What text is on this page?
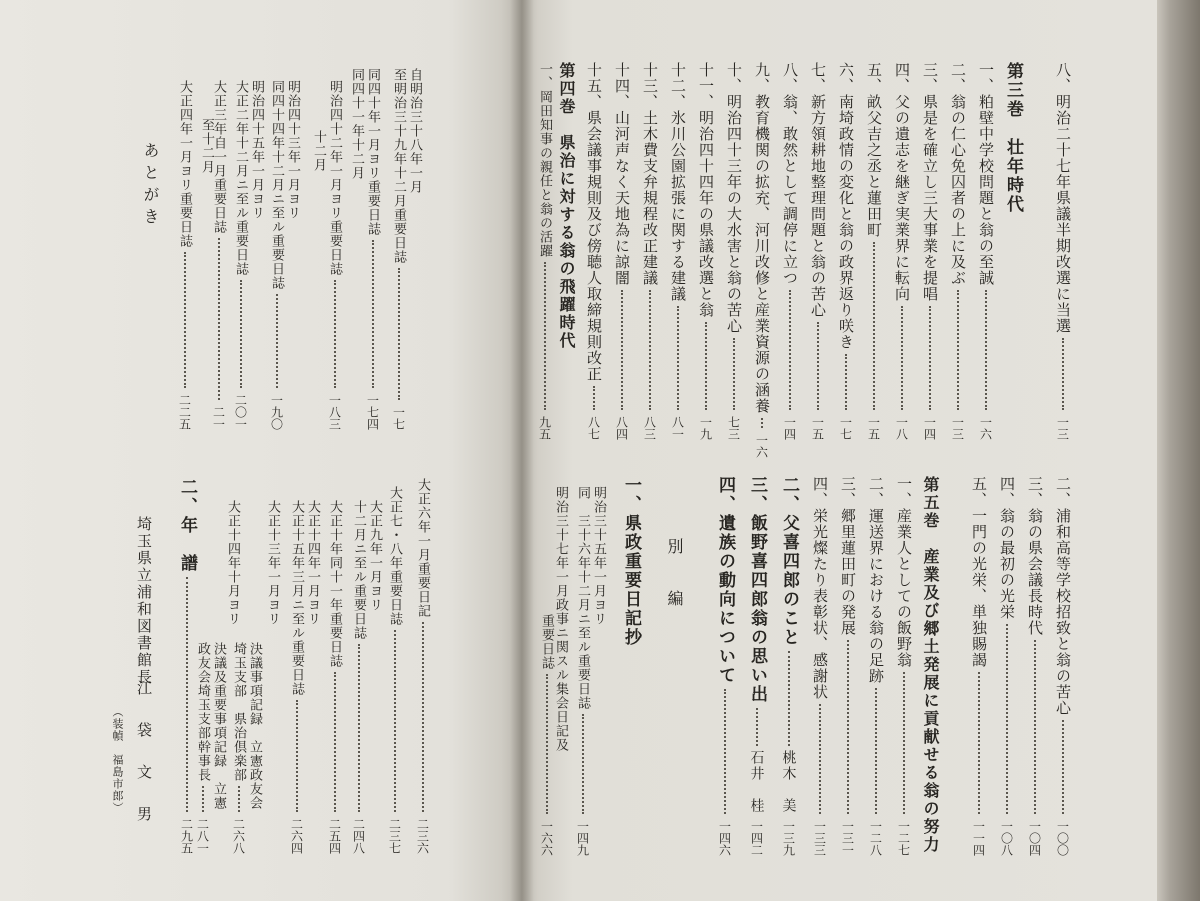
八、明治二十七年県議半期改選に当選
一三
第三巻　壮年時代
一、粕壁中学校問題と翁の至誠
一六
二、翁の仁心免囚者の上に及ぶ
一三
三、県是を確立し三大事業を提唱
一四
四、父の遺志を継ぎ実業界に転向
一八
五、畝父吉之丞と蓮田町
一五
六、南埼政情の変化と翁の政界返り咲き
一七
七、新方領耕地整理問題と翁の苦心
一五
八、翁、敢然として調停に立つ
一四
九、教育機関の拡充、河川改修と産業資源の涵養
一六
十、明治四十三年の大水害と翁の苦心
七三
十一、明治四十四年の県議改選と翁
一九
十二、氷川公園拡張に関する建議
八一
十三、土木費支弁規程改正建議
八三
十四、山河声なく天地為に諒闇
八四
十五、県会議事規則及び傍聴人取締規則改正
八七
第四巻　県治に対する翁の飛躍時代
一、岡田知事の親任と翁の活躍
九五
自明治三十八年一月
至明治三十九年十二月重要日誌
一七
同四十年一月ヨリ重要日誌
一七四
同四十一年十二月
明治四十二年一月ヨリ重要日誌
一八三
十二月
明治四十三年一月ヨリ
同四十四年十二月ニ至ル重要日誌
一九〇
明治四十五年一月ヨリ
大正二年十二月ニ至ル重要日誌
二〇一
大正三年自一月重要日誌
二一
至十二月
大正四年一月ヨリ重要日誌
二二五
あとがき
二、浦和高等学校招致と翁の苦心
一〇〇
三、翁の県会議長時代
一〇四
四、翁の最初の光栄
一〇八
五、一門の光栄、単独賜謁
一一四
第五巻　産業及び郷土発展に貢献せる翁の努力
一、産業人としての飯野翁
一二七
二、運送界における翁の足跡
一二八
三、郷里蓮田町の発展
一三一
四、栄光燦たり表彰状、感謝状
一三三
二、父喜四郎のこと
桃木　美
一三九
三、飯野喜四郎翁の思い出
石井　桂
一四二
四、遺族の動向について
一四六
別　編
一、県政重要日記抄
明治三十五年一月ヨリ
同　三十六年十二月ニ至ル重要日誌
一四九
明治三十七年一月政事ニ関スル集会日記及
重要日誌
一六六
大正六年一月重要日記
二三六
大正七・八年重要日誌
二三七
大正九年一月ヨリ
十二月ニ至ル重要日誌
二四八
大正十年同十一年重要日誌
二五四
大正十四年一月ヨリ
大正十五年三月ニ至ル重要日誌
二六四
大正十三年一月ヨリ
決議事項記録　立憲政友会
埼玉支部　県治倶楽部
二六八
大正十四年十月ヨリ
決議及重要事項記録　立憲
政友会埼玉支部幹事長
二八一
二、年　譜
二九五
埼玉県立浦和図書館長
江　袋　文　男
（装幀　福島市郎）
